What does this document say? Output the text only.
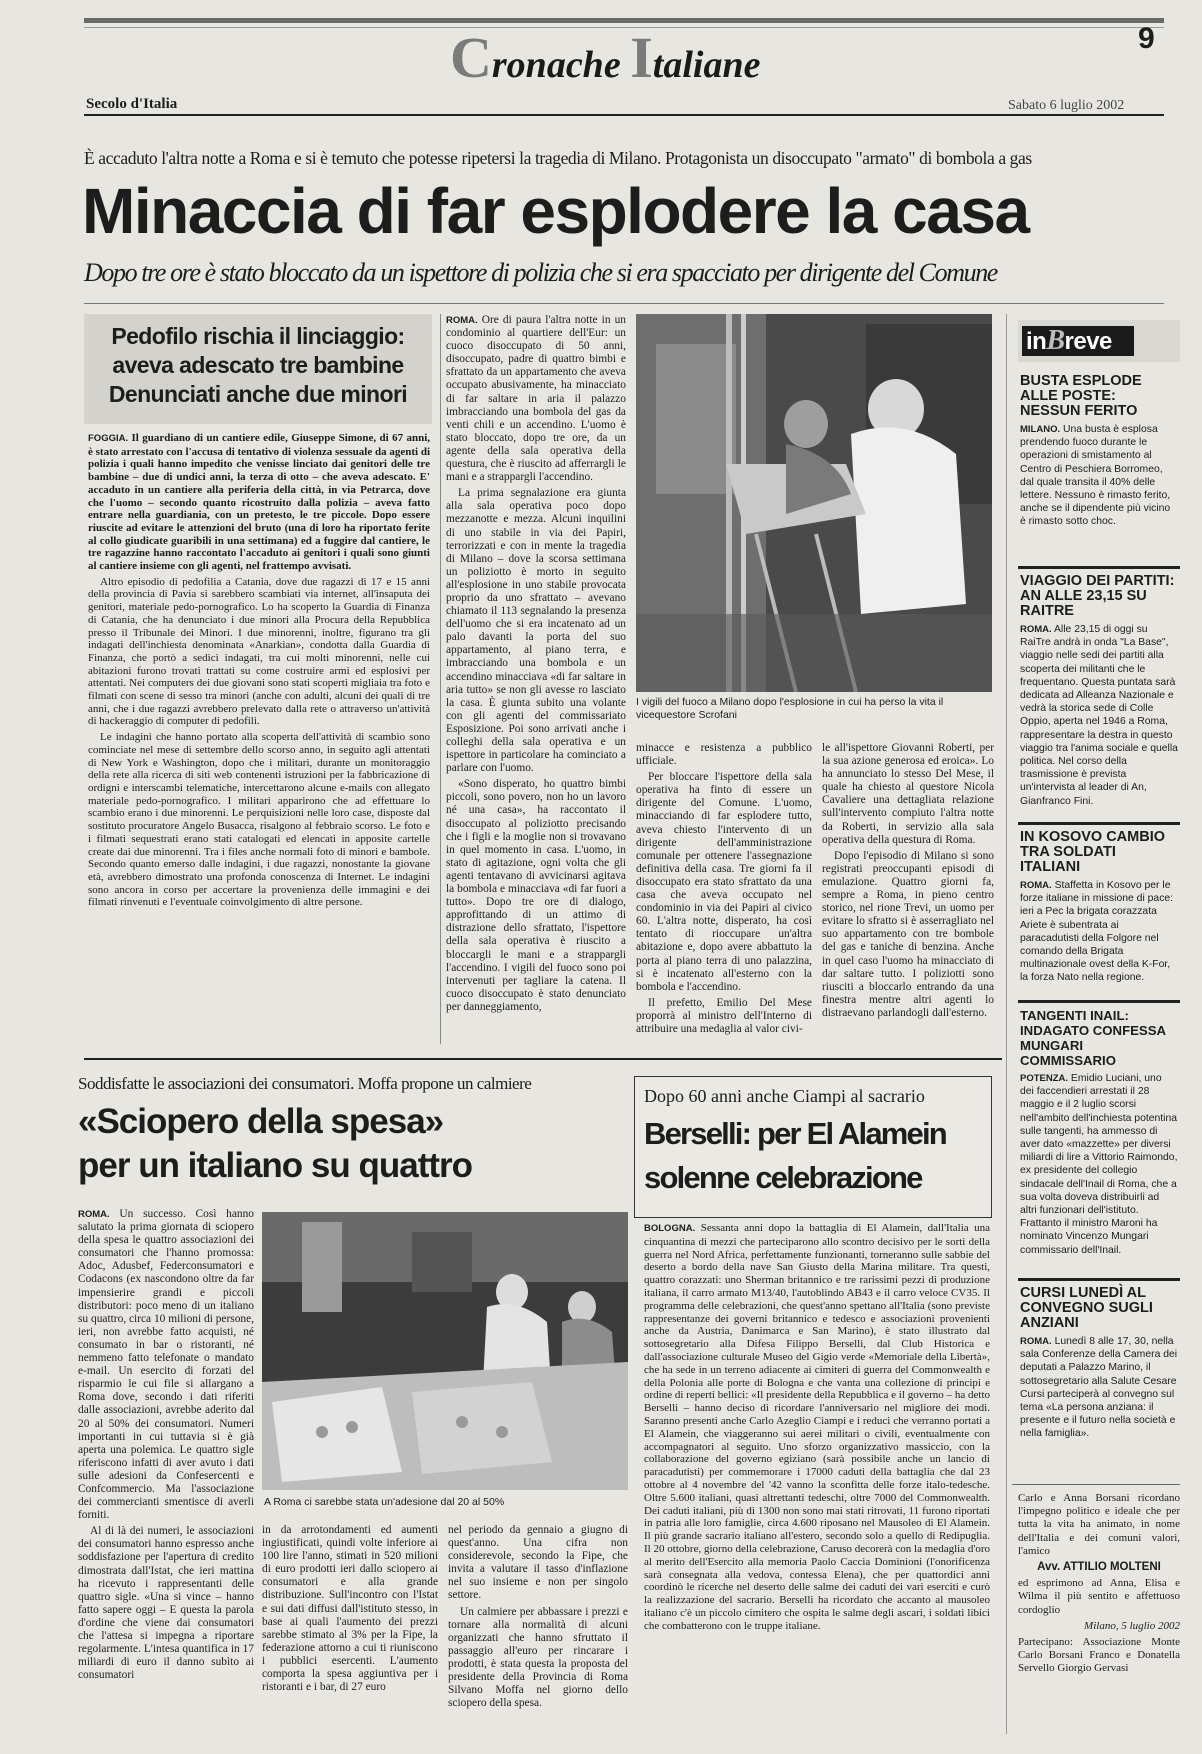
Cronache Italiane
9
Secolo d'Italia	Sabato 6 luglio 2002
È accaduto l'altra notte a Roma e si è temuto che potesse ripetersi la tragedia di Milano. Protagonista un disoccupato "armato" di bombola a gas
Minaccia di far esplodere la casa
Dopo tre ore è stato bloccato da un ispettore di polizia che si era spacciato per dirigente del Comune
Pedofilo rischia il linciaggio: aveva adescato tre bambine Denunciati anche due minori

FOGGIA. Il guardiano di un cantiere edile, Giuseppe Simone, di 67 anni, è stato arrestato con l'accusa di tentativo di violenza sessuale da agenti di polizia i quali hanno impedito che venisse linciato dai genitori delle tre bambine – due di undici anni, la terza di otto – che aveva adescato. E' accaduto in un cantiere alla periferia della città, in via Petrarca, dove che l'uomo – secondo quanto ricostruito dalla polizia – aveva fatto entrare nella guardiania, con un pretesto, le tre piccole. Dopo essere riuscite ad evitare le attenzioni del bruto (una di loro ha riportato ferite al collo giudicate guaribili in una settimana) ed a fuggire dal cantiere, le tre ragazzine hanno raccontato l'accaduto ai genitori i quali sono giunti al cantiere insieme con gli agenti, nel frattempo avvisati.

Altro episodio di pedofilia a Catania, dove due ragazzi di 17 e 15 anni della provincia di Pavia si sarebbero scambiati via internet, all'insaputa dei genitori, materiale pedo-pornografico. Lo ha scoperto la Guardia di Finanza di Catania, che ha denunciato i due minori alla Procura della Repubblica presso il Tribunale dei Minori. I due minorenni, inoltre, figurano tra gli indagati dell'inchiesta denominata «Anarkian», condotta dalla Guardia di Finanza, che portò a sedici indagati, tra cui molti minorenni, nelle cui abitazioni furono trovati trattati su come costruire armi ed esplosivi per attentati. Nei computers dei due giovani sono stati scoperti migliaia tra foto e filmati con scene di sesso tra minori (anche con adulti, alcuni dei quali di tre anni, che i due ragazzi avrebbero prelevato dalla rete o attraverso un'attività di hackeraggio di computer di pedofili.

Le indagini che hanno portato alla scoperta dell'attività di scambio sono cominciate nel mese di settembre dello scorso anno, in seguito agli attentati di New York e Washington, dopo che i militari, durante un monitoraggio della rete alla ricerca di siti web contenenti istruzioni per la fabbricazione di ordigni e interscambi telematiche, intercettarono alcune e-mails con allegato materiale pedo-pornografico. I militari apparirono che ad effettuare lo scambio erano i due minorenni. Le perquisizioni nelle loro case, disposte dal sostituto procuratore Angelo Busacca, risalgono al febbraio scorso. Le foto e i filmati sequestrati erano stati catalogati ed elencati in apposite cartelle create dai due minorenni. Tra i files anche normali foto di minori e bambole. Secondo quanto emerso dalle indagini, i due ragazzi, nonostante la giovane età, avrebbero dimostrato una profonda conoscenza di Internet. Le indagini sono ancora in corso per accertare la provenienza delle immagini e dei filmati rinvenuti e l'eventuale coinvolgimento di altre persone.

ROMA. Ore di paura l'altra notte in un condominio al quartiere dell'Eur: un cuoco disoccupato di 50 anni, disoccupato, padre di quattro bimbi e sfrattato da un appartamento che aveva occupato abusivamente, ha minacciato di far saltare in aria il palazzo imbracciando una bombola del gas da venti chili e un accendino. L'uomo è stato bloccato, dopo tre ore, da un agente della sala operativa della questura, che è riuscito ad afferrargli le mani e a strappargli l'accendino.

La prima segnalazione era giunta alla sala operativa poco dopo mezzanotte e mezza. Alcuni inquilini di uno stabile in via dei Papiri, terrorizzati e con in mente la tragedia di Milano – dove la scorsa settimana un poliziotto è morto in seguito all'esplosione in uno stabile provocata proprio da uno sfrattato – avevano chiamato il 113 segnalando la presenza dell'uomo che si era incatenato ad un palo davanti la porta del suo appartamento, al piano terra, e imbracciando una bombola e un accendino minacciava «di far saltare in aria tutto» se non gli avesse ro lasciato la casa. È giunta subito una volante con gli agenti del commissariato Esposizione. Poi sono arrivati anche i colleghi della sala operativa e un ispettore in particolare ha cominciato a parlare con l'uomo.

«Sono disperato, ho quattro bimbi piccoli, sono povero, non ho un lavoro né una casa», ha raccontato il disoccupato al poliziotto precisando che i figli e la moglie non si trovavano in quel momento in casa. L'uomo, in stato di agitazione, ogni volta che gli agenti tentavano di avvicinarsi agitava la bombola e minacciava «di far fuori a tutto». Dopo tre ore di dialogo, approfittando di un attimo di distrazione dello sfrattato, l'ispettore della sala operativa è riuscito a bloccargli le mani e a strappargli l'accendino. I vigili del fuoco sono poi intervenuti per tagliare la catena. Il cuoco disoccupato è stato denunciato per danneggiamento,

I vigili del fuoco a Milano dopo l'esplosione in cui ha perso la vita il vicequestore Scrofani

minacce e resistenza a pubblico ufficiale.

Per bloccare l'ispettore della sala operativa ha finto di essere un dirigente del Comune. L'uomo, minacciando di far esplodere tutto, aveva chiesto l'intervento di un dirigente dell'amministrazione comunale per ottenere l'assegnazione definitiva della casa. Tre giorni fa il disoccupato era stato sfrattato da una casa che aveva occupato nel condominio in via dei Papiri al civico 60. L'altra notte, disperato, ha così tentato di rioccupare un'altra abitazione e, dopo avere abbattuto la porta al piano terra di uno palazzina, si è incatenato all'esterno con la bombola e l'accendino.

Il prefetto, Emilio Del Mese proporrà al ministro dell'Interno di attribuire una medaglia al valor civi-

le all'ispettore Giovanni Roberti, per la sua azione generosa ed eroica». Lo ha annunciato lo stesso Del Mese, il quale ha chiesto al questore Nicola Cavaliere una dettagliata relazione sull'intervento compiuto l'altra notte da Roberti, in servizio alla sala operativa della questura di Roma.

Dopo l'episodio di Milano si sono registrati preoccupanti episodi di emulazione. Quattro giorni fa, sempre a Roma, in pieno centro storico, nel rione Trevi, un uomo per evitare lo sfratto si è asserragliato nel suo appartamento con tre bombole del gas e taniche di benzina. Anche in quel caso l'uomo ha minacciato di dar saltare tutto. I poliziotti sono riusciti a bloccarlo entrando da una finestra mentre altri agenti lo distraevano parlandogli dall'esterno.

Soddisfatte le associazioni dei consumatori. Moffa propone un calmiere
«Sciopero della spesa»
per un italiano su quattro

ROMA. Un successo. Così hanno salutato la prima giornata di sciopero della spesa le quattro associazioni dei consumatori che l'hanno promossa: Adoc, Adusbef, Federconsumatori e Codacons (ex nascondono oltre da far impensierire grandi e piccoli distributori: poco meno di un italiano su quattro, circa 10 milioni di persone, ieri, non avrebbe fatto acquisti, né consumato in bar o ristoranti, né nemmeno fatto telefonate o mandato e-mail. Un esercito di forzati del risparmio le cui file si allargano a Roma dove, secondo i dati riferiti dalle associazioni, avrebbe aderito dal 20 al 50% dei consumatori. Numeri importanti in cui tuttavia si è già aperta una polemica. Le quattro sigle riferiscono infatti di aver avuto i dati sulle adesioni da Confesercenti e Confcommercio. Ma l'associazione dei commercianti smentisce di averli forniti.

Al di là dei numeri, le associazioni dei consumatori hanno espresso anche soddisfazione per l'apertura di credito dimostrata dall'Istat, che ieri mattina ha ricevuto i rappresentanti delle quattro sigle. «Una si vince – hanno fatto sapere oggi – E questa la parola d'ordine che viene dai consumatori che l'attesa si impegna a riportare regolarmente. L'intesa quantifica in 17 miliardi di euro il danno subìto ai consumatori

A Roma ci sarebbe stata un'adesione dal 20 al 50%

in da arrotondamenti ed aumenti ingiustificati, quindi volte inferiore ai 100 lire l'anno, stimati in 520 milioni di euro prodotti ieri dallo sciopero ai consumatori e alla grande distribuzione. Sull'incontro con l'Istat e sui dati diffusi dall'istituto stesso, in base ai quali l'aumento dei prezzi sarebbe stimato al 3% per la Fipe, la federazione attorno a cui ti riuniscono i pubblici esercenti. L'aumento comporta la spesa aggiuntiva per i ristoranti e i bar, di 27 euro

nel periodo da gennaio a giugno di quest'anno. Una cifra non considerevole, secondo la Fipe, che invita a valutare il tasso d'inflazione nel suo insieme e non per singolo settore.

Un calmiere per abbassare i prezzi e tornare alla normalità di alcuni organizzati che hanno sfruttato il passaggio all'euro per rincarare i prodotti, è stata questa la proposta del presidente della Provincia di Roma Silvano Moffa nel giorno dello sciopero della spesa.

Dopo 60 anni anche Ciampi al sacrario
Berselli: per El Alamein
solenne celebrazione

BOLOGNA. Sessanta anni dopo la battaglia di El Alamein, dall'Italia una cinquantina di mezzi che parteciparono allo scontro decisivo per le sorti della guerra nel Nord Africa, perfettamente funzionanti, torneranno sulle sabbie del deserto a bordo della nave San Giusto della Marina militare. Tra questi, quattro corazzati: uno Sherman britannico e tre rarissimi pezzi di produzione italiana, il carro armato M13/40, l'autoblindo AB43 e il carro veloce CV35. Il programma delle celebrazioni, che quest'anno spettano all'Italia (sono previste rappresentanze dei governi britannico e tedesco e associazioni provenienti anche da Austria, Danimarca e San Marino), è stato illustrato dal sottosegretario alla Difesa Filippo Berselli, dal Club Historica e dall'associazione culturale Museo del Gigio verde «Memoriale della Libertà», che ha sede in un terreno adiacente ai cimiteri di guerra del Commonwealth e della Polonia alle porte di Bologna e che vanta una collezione di principi e ordine di reperti bellici: «Il presidente della Repubblica e il governo – ha detto Berselli – hanno deciso di ricordare l'anniversario nel migliore dei modi. Saranno presenti anche Carlo Azeglio Ciampi e i reduci che verranno portati a El Alamein, che viaggeranno sui aerei militari o civili, eventualmente con accompagnatori al seguito. Uno sforzo organizzativo massiccio, con la collaborazione del governo egiziano (sarà possibile anche un lancio di paracadutisti) per commemorare i 17000 caduti della battaglia che dal 23 ottobre al 4 novembre del '42 vanno la sconfitta delle forze italo-tedesche. Oltre 5.600 italiani, quasi altrettanti tedeschi, oltre 7000 del Commonwealth. Dei caduti italiani, più di 1300 non sono mai stati ritrovati, 11 furono riportati in patria alle loro famiglie, circa 4.600 riposano nel Mausoleo di El Alamein. Il più grande sacrario italiano all'estero, secondo solo a quello di Redipuglia. Il 20 ottobre, giorno della celebrazione, Caruso decorerà con la medaglia d'oro al merito dell'Esercito alla memoria Paolo Caccia Dominioni (l'onorificenza sarà consegnata alla vedova, contessa Elena), che per quattordici anni coordinò le ricerche nel deserto delle salme dei caduti dei vari eserciti e curò la realizzazione del sacrario. Berselli ha ricordato che accanto al mausoleo italiano c'è un piccolo cimitero che ospita le salme degli ascari, i soldati libici che combatterono con le truppe italiane.

inBreve

BUSTA ESPLODE ALLE POSTE: NESSUN FERITO

MILANO. Una busta è esplosa prendendo fuoco durante le operazioni di smistamento al Centro di Peschiera Borromeo, dal quale transita il 40% delle lettere. Nessuno è rimasto ferito, anche se il dipendente più vicino è rimasto sotto choc.

VIAGGIO DEI PARTITI: AN ALLE 23,15 SU RAITRE

ROMA. Alle 23,15 di oggi su RaiTre andrà in onda "La Base", viaggio nelle sedi dei partiti alla scoperta dei militanti che le frequentano. Questa puntata sarà dedicata ad Alleanza Nazionale e vedrà la storica sede di Colle Oppio, aperta nel 1946 a Roma, rappresentare la destra in questo viaggio tra l'anima sociale e quella politica. Nel corso della trasmissione è prevista un'intervista al leader di An, Gianfranco Fini.

IN KOSOVO CAMBIO TRA SOLDATI ITALIANI

ROMA. Staffetta in Kosovo per le forze italiane in missione di pace: ieri a Pec la brigata corazzata Ariete è subentrata ai paracadutisti della Folgore nel comando della Brigata multinazionale ovest della K-For, la forza Nato nella regione.

TANGENTI INAIL: INDAGATO CONFESSA MUNGARI COMMISSARIO

POTENZA. Emidio Luciani, uno dei faccendieri arrestati il 28 maggio e il 2 luglio scorsi nell'ambito dell'inchiesta potentina sulle tangenti, ha ammesso di aver dato «mazzette» per diversi miliardi di lire a Vittorio Raimondo, ex presidente del collegio sindacale dell'Inail di Roma, che a sua volta doveva distribuirli ad altri funzionari dell'istituto. Frattanto il ministro Maroni ha nominato Vincenzo Mungari commissario dell'Inail.

CURSI LUNEDÌ AL CONVEGNO SUGLI ANZIANI

ROMA. Lunedì 8 alle 17, 30, nella sala Conferenze della Camera dei deputati a Palazzo Marino, il sottosegretario alla Salute Cesare Cursi parteciperà al convegno sul tema «La persona anziana: il presente e il futuro nella società e nella famiglia».

Carlo e Anna Borsani ricordano l'impegno politico e ideale che per tutta la vita ha animato, in nome dell'Italia e dei comuni valori, l'amico

Avv. ATTILIO MOLTENI

ed esprimono ad Anna, Elisa e Wilma il più sentito e affettuoso cordoglio

Milano, 5 luglio 2002

Partecipano: Associazione Monte Carlo Borsani Franco e Donatella Servello Giorgio Gervasi
